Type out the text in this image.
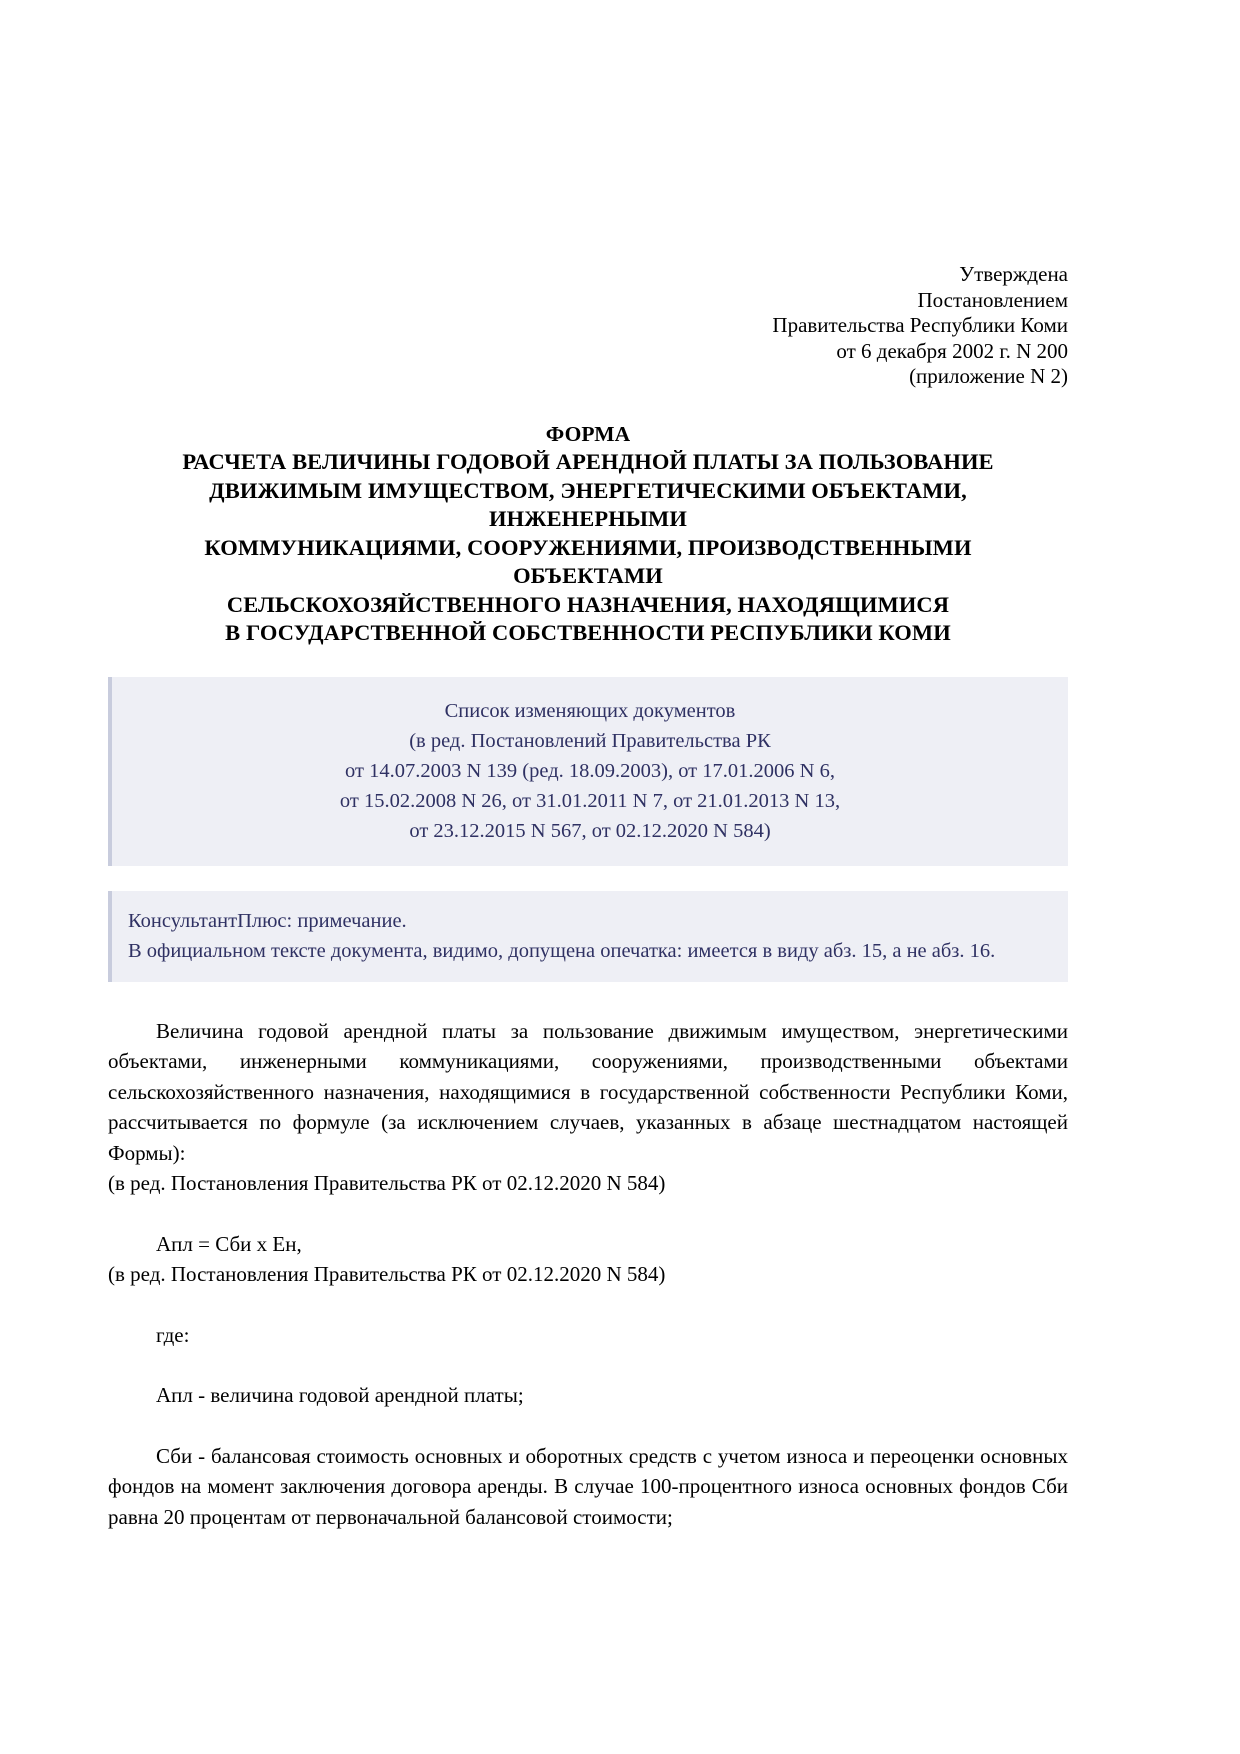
Утверждена
Постановлением
Правительства Республики Коми
от 6 декабря 2002 г. N 200
(приложение N 2)
ФОРМА
РАСЧЕТА ВЕЛИЧИНЫ ГОДОВОЙ АРЕНДНОЙ ПЛАТЫ ЗА ПОЛЬЗОВАНИЕ
ДВИЖИМЫМ ИМУЩЕСТВОМ, ЭНЕРГЕТИЧЕСКИМИ ОБЪЕКТАМИ,
ИНЖЕНЕРНЫМИ
КОММУНИКАЦИЯМИ, СООРУЖЕНИЯМИ, ПРОИЗВОДСТВЕННЫМИ
ОБЪЕКТАМИ
СЕЛЬСКОХОЗЯЙСТВЕННОГО НАЗНАЧЕНИЯ, НАХОДЯЩИМИСЯ
В ГОСУДАРСТВЕННОЙ СОБСТВЕННОСТИ РЕСПУБЛИКИ КОМИ
Список изменяющих документов
(в ред. Постановлений Правительства РК
от 14.07.2003 N 139 (ред. 18.09.2003), от 17.01.2006 N 6,
от 15.02.2008 N 26, от 31.01.2011 N 7, от 21.01.2013 N 13,
от 23.12.2015 N 567, от 02.12.2020 N 584)
КонсультантПлюс: примечание.
В официальном тексте документа, видимо, допущена опечатка: имеется в виду абз. 15, а не абз. 16.

Величина годовой арендной платы за пользование движимым имуществом, энергетическими объектами, инженерными коммуникациями, сооружениями, производственными объектами сельскохозяйственного назначения, находящимися в государственной собственности Республики Коми, рассчитывается по формуле (за исключением случаев, указанных в абзаце шестнадцатом настоящей Формы):

(в ред. Постановления Правительства РК от 02.12.2020 N 584)

Апл = Сби х Ен,

(в ред. Постановления Правительства РК от 02.12.2020 N 584)

где:

Апл - величина годовой арендной платы;

Сби - балансовая стоимость основных и оборотных средств с учетом износа и переоценки основных фондов на момент заключения договора аренды. В случае 100-процентного износа основных фондов Сби равна 20 процентам от первоначальной балансовой стоимости;
